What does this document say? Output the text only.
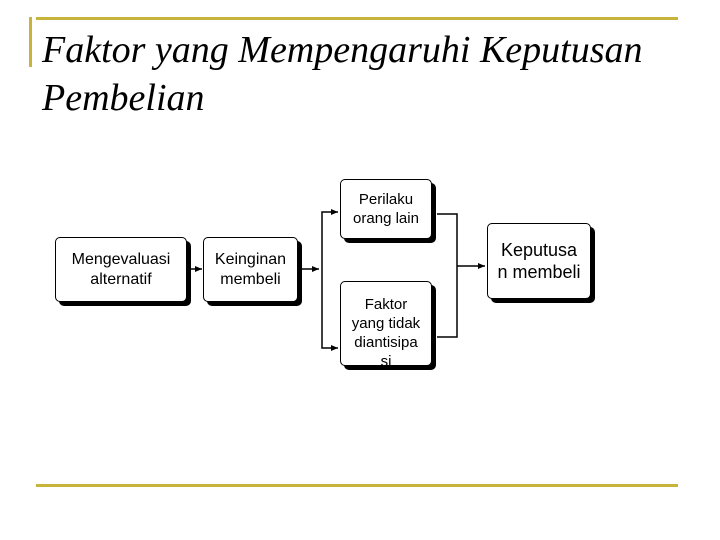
Faktor yang Mempengaruhi Keputusan
Pembelian
Mengevaluasi
alternatif
Keinginan
membeli
Perilaku
orang lain
Faktor
yang tidak
diantisipa
si
Keputusa
n membeli
